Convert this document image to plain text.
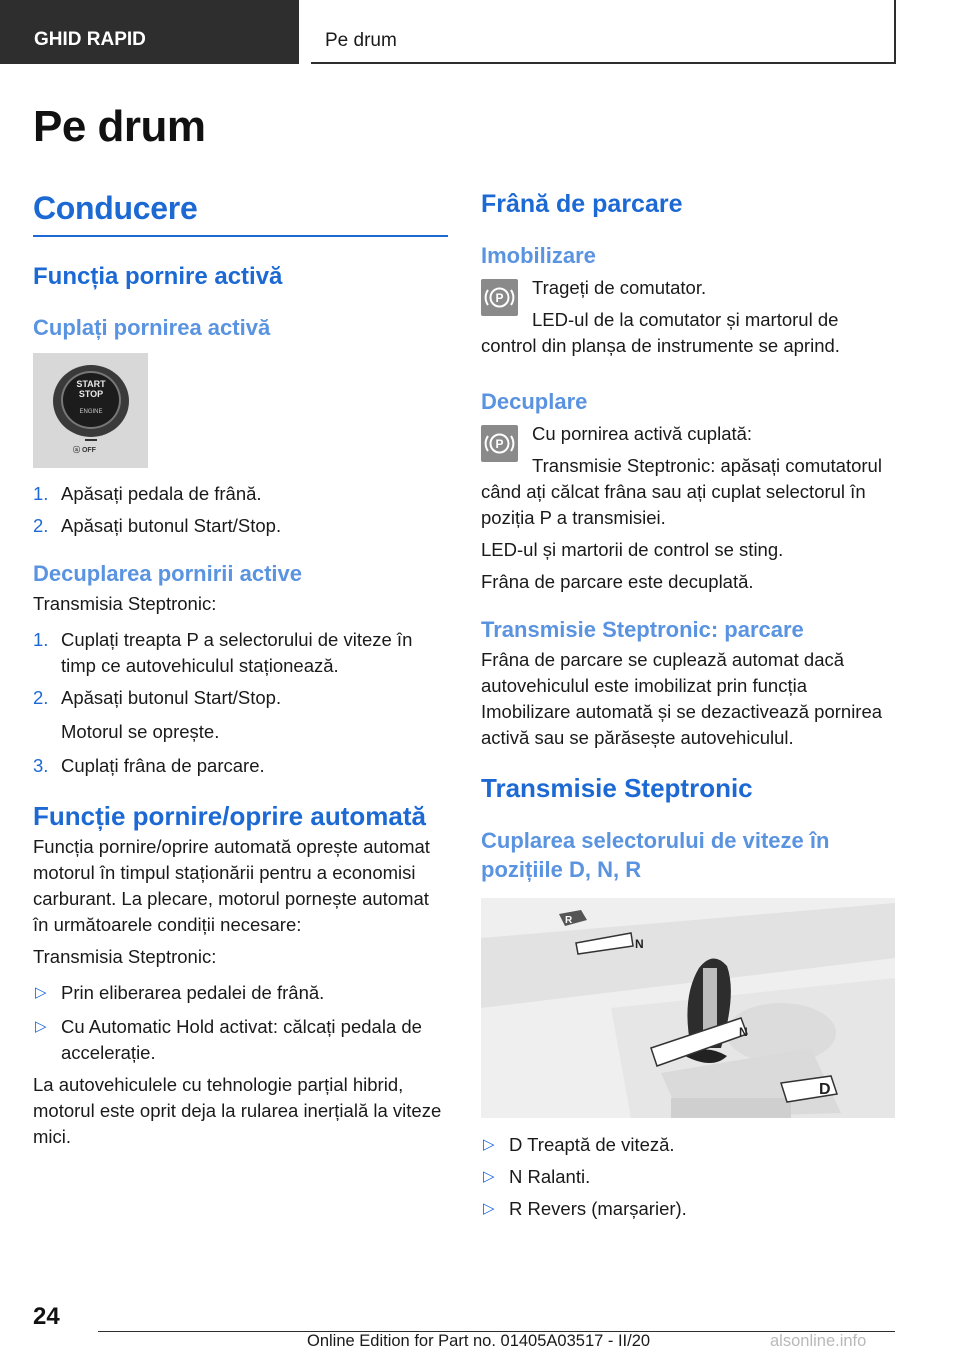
GHID RAPID	Pe drum
Pe drum
Conducere
Funcția pornire activă
Cuplați pornirea activă
START
STOP
ENGINE
ⓐ OFF
1. Apăsați pedala de frână.
2. Apăsați butonul Start/Stop.
Decuplarea pornirii active

Transmisia Steptronic:

1. Cuplați treapta P a selectorului de viteze în timp ce autovehiculul staționează.
2. Apăsați butonul Start/Stop.
Motorul se oprește.
3. Cuplați frâna de parcare.
Funcție pornire/oprire automată

Funcția pornire/oprire automată oprește automat motorul în timpul staționării pentru a economisi carburant. La plecare, motorul pornește automat în următoarele condiții necesare:

Transmisia Steptronic:

▷ Prin eliberarea pedalei de frână.
▷ Cu Automatic Hold activat: călcați pedala de accelerație.

La autovehiculele cu tehnologie parțial hibrid, motorul este oprit deja la rularea inerțială la viteze mici.

Frână de parcare
Imobilizare
P	Trageți de comutator.

LED-ul de la comutator și martorul de control din planșa de instrumente se aprind.

Decuplare
P	Cu pornirea activă cuplată:

Transmisie Steptronic: apăsați comutatorul când ați călcat frâna sau ați cuplat selectorul în poziția P a transmisiei.

LED-ul și martorii de control se sting.

Frâna de parcare este decuplată.

Transmisie Steptronic: parcare

Frâna de parcare se cuplează automat dacă autovehiculul este imobilizat prin funcția Imobilizare automată și se dezactivează pornirea activă sau se părăsește autovehiculul.

Transmisie Steptronic
Cuplarea selectorului de viteze în pozițiile D, N, R
R
N
N
D
▷ D Treaptă de viteză.
▷ N Ralanti.
▷ R Revers (marșarier).
24
Online Edition for Part no. 01405A03517 - II/20	alsonline.info
